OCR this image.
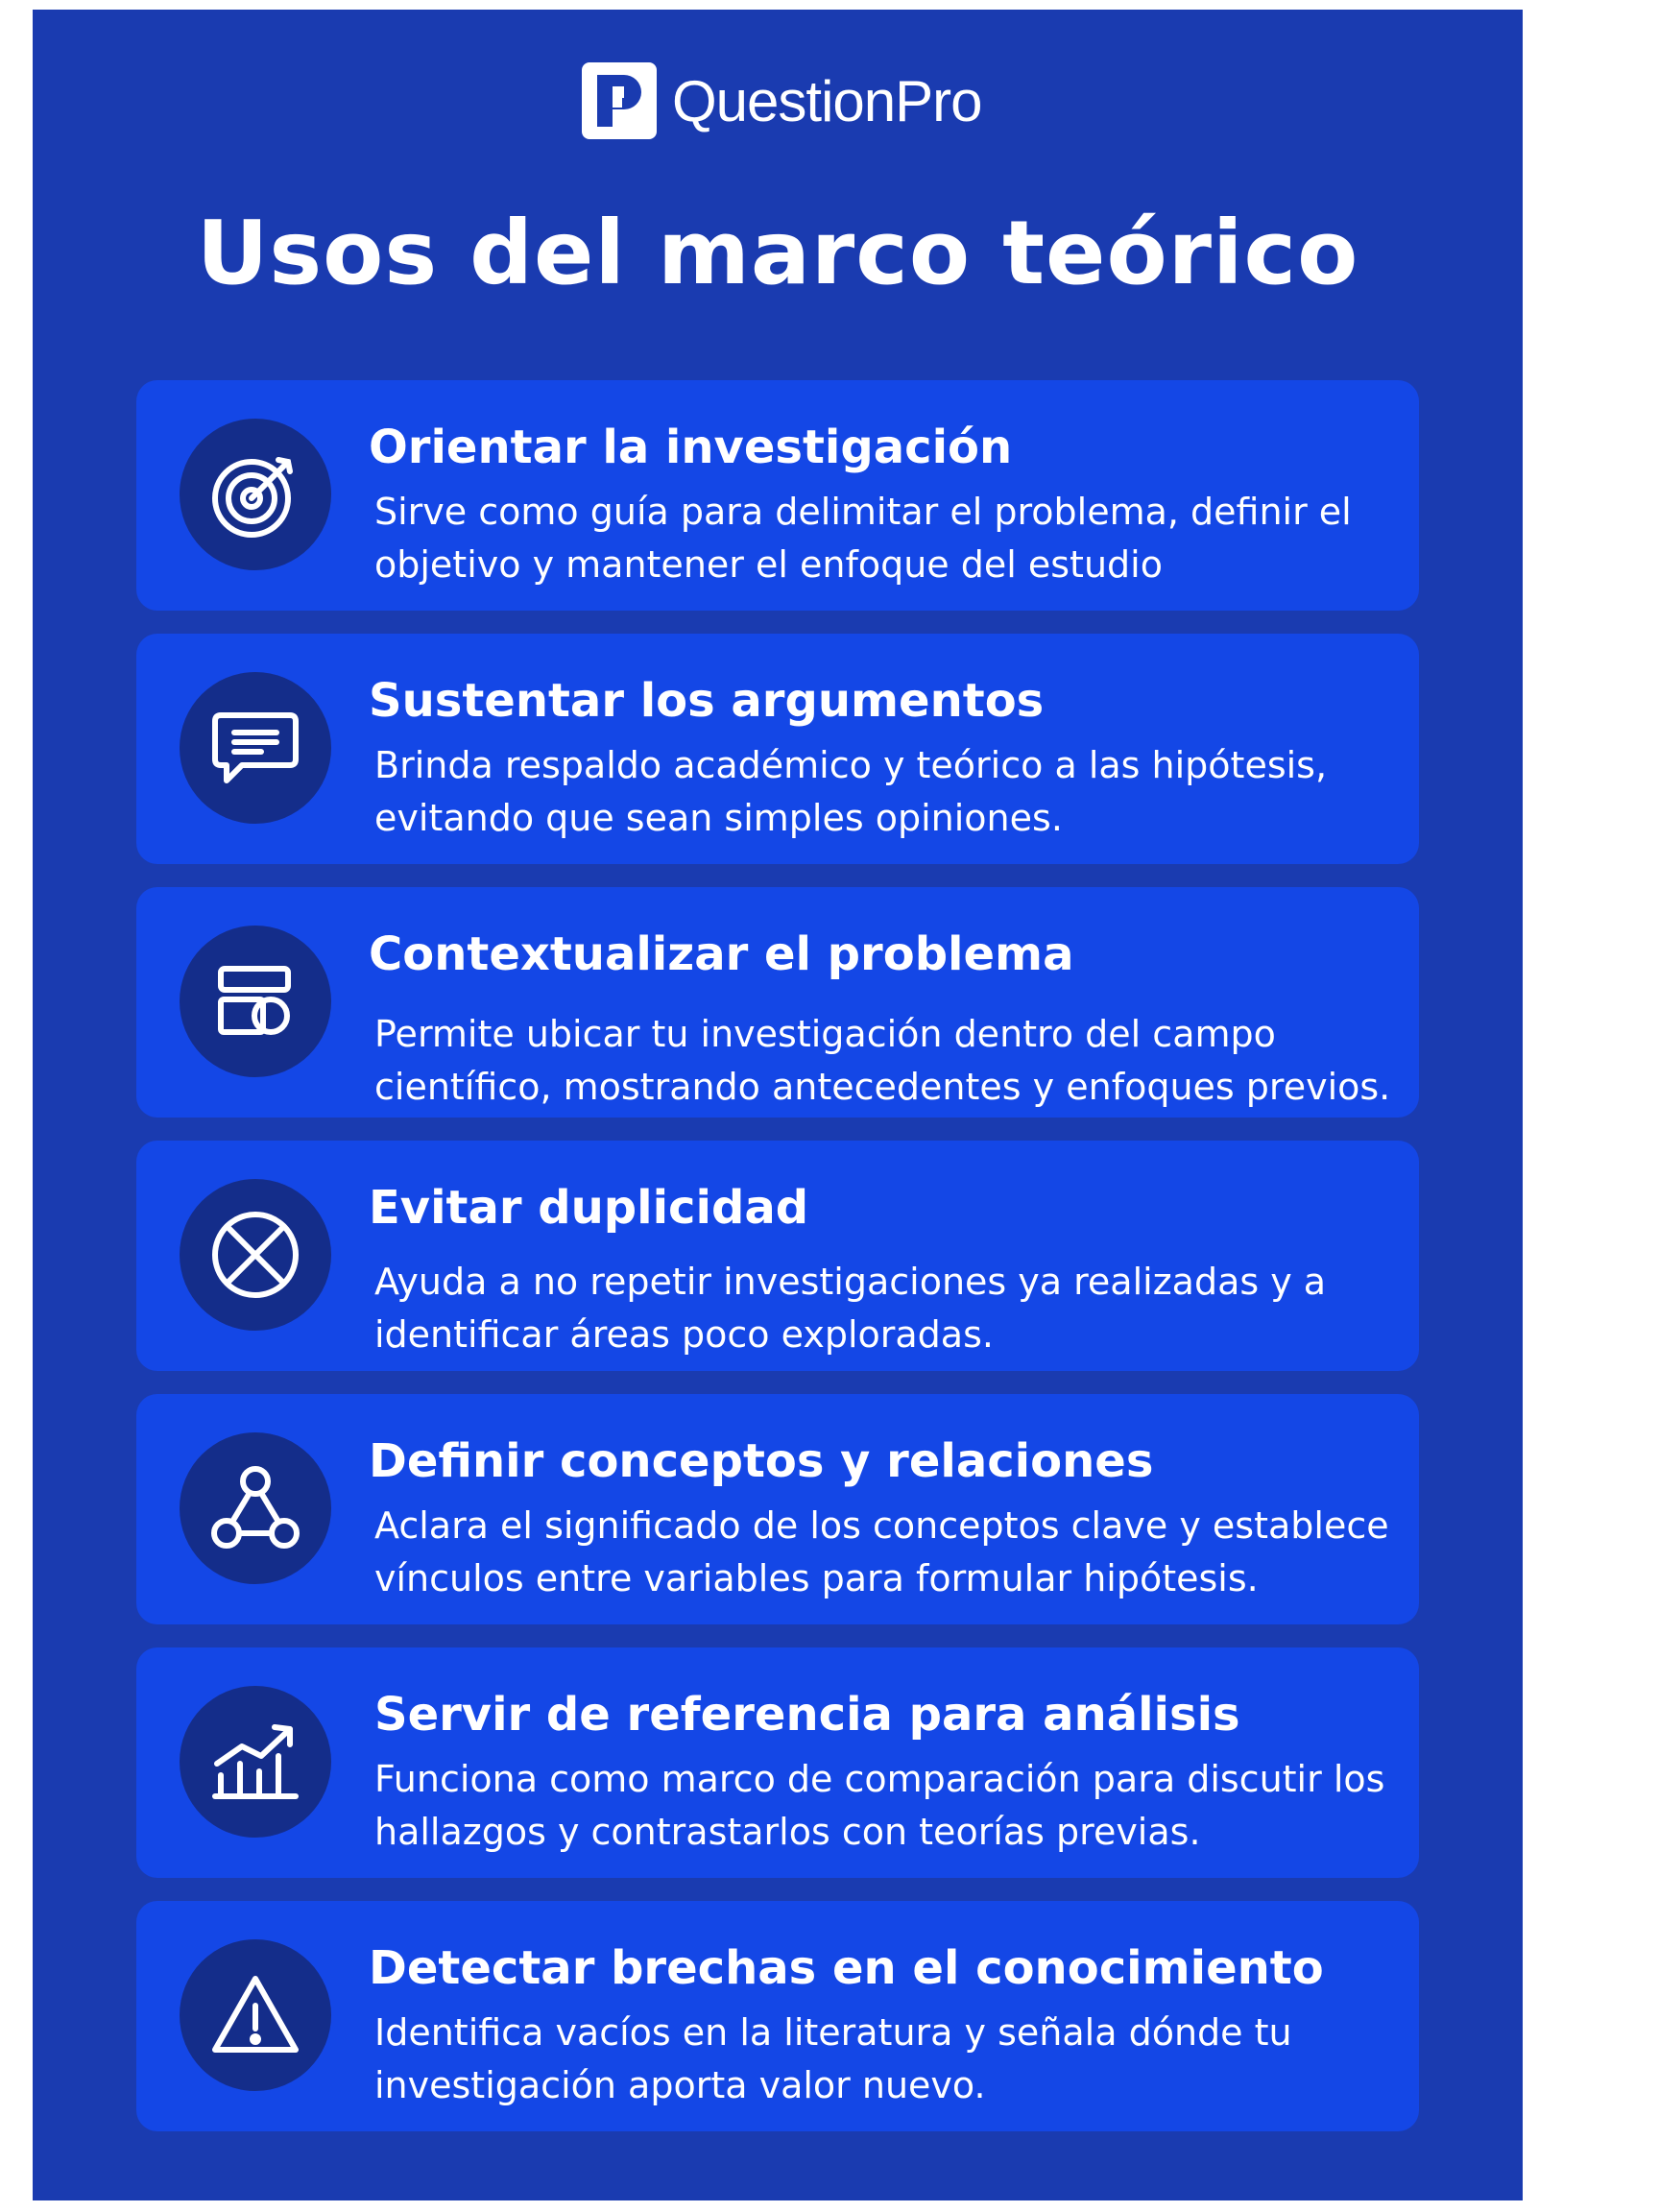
QuestionPro
Usos del marco teórico
Orientar la investigación
Sirve como guía para delimitar el problema, definir el objetivo y mantener el enfoque del estudio
Sustentar los argumentos
Brinda respaldo académico y teórico a las hipótesis, evitando que sean simples opiniones.
Contextualizar el problema
Permite ubicar tu investigación dentro del campo científico, mostrando antecedentes y enfoques previos.
Evitar duplicidad
Ayuda a no repetir investigaciones ya realizadas y a identificar áreas poco exploradas.
Definir conceptos y relaciones
Aclara el significado de los conceptos clave y establece vínculos entre variables para formular hipótesis.
Servir de referencia para análisis
Funciona como marco de comparación para discutir los hallazgos y contrastarlos con teorías previas.
Detectar brechas en el conocimiento
Identifica vacíos en la literatura y señala dónde tu investigación aporta valor nuevo.
